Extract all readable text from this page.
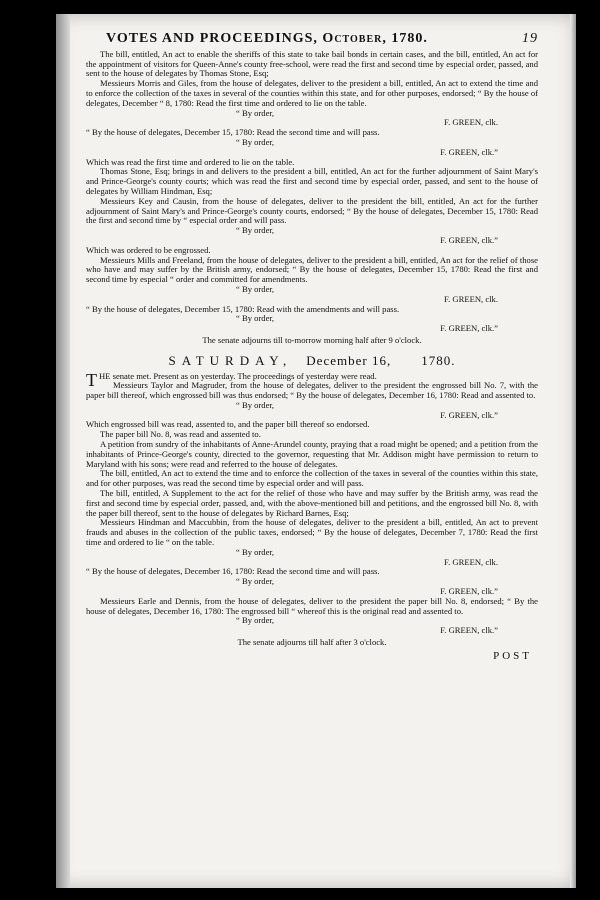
VOTES AND PROCEEDINGS, October, 1780.	19

The bill, entitled, An act to enable the sheriffs of this state to take bail bonds in certain cases, and the bill, entitled, An act for the appointment of visitors for Queen-Anne's county free-school, were read the first and second time by especial order, passed, and sent to the house of delegates by Thomas Stone, Esq;

Messieurs Morris and Giles, from the house of delegates, deliver to the president a bill, entitled, An act to extend the time and to enforce the collection of the taxes in several of the counties within this state, and for other purposes, endorsed; “ By the house of delegates, December “ 8, 1780: Read the first time and ordered to lie on the table.

“ By order,
F. GREEN, clk.

“ By the house of delegates, December 15, 1780: Read the second time and will pass.

“ By order,
F. GREEN, clk.”

Which was read the first time and ordered to lie on the table.

Thomas Stone, Esq; brings in and delivers to the president a bill, entitled, An act for the further adjournment of Saint Mary's and Prince-George's county courts; which was read the first and second time by especial order, passed, and sent to the house of delegates by William Hindman, Esq;

Messieurs Key and Causin, from the house of delegates, deliver to the president the bill, entitled, An act for the further adjournment of Saint Mary's and Prince-George's county courts, endorsed; “ By the house of delegates, December 15, 1780: Read the first and second time by “ especial order and will pass.

“ By order,
F. GREEN, clk.”

Which was ordered to be engrossed.

Messieurs Mills and Freeland, from the house of delegates, deliver to the president a bill, entitled, An act for the relief of those who have and may suffer by the British army, endorsed; “ By the house of delegates, December 15, 1780: Read the first and second time by especial “ order and committed for amendments.

“ By order,
F. GREEN, clk.

“ By the house of delegates, December 15, 1780: Read with the amendments and will pass.

“ By order,
F. GREEN, clk.”
The senate adjourns till to-morrow morning half after 9 o'clock.
SATURDAY, December 16, 1780.

THE senate met. Present as on yesterday. The proceedings of yesterday were read.

Messieurs Taylor and Magruder, from the house of delegates, deliver to the president the engrossed bill No. 7, with the paper bill thereof, which engrossed bill was thus endorsed; “ By the house of delegates, December 16, 1780: Read and assented to.

“ By order,
F. GREEN, clk.”

Which engrossed bill was read, assented to, and the paper bill thereof so endorsed.

The paper bill No. 8, was read and assented to.

A petition from sundry of the inhabitants of Anne-Arundel county, praying that a road might be opened; and a petition from the inhabitants of Prince-George's county, directed to the governor, requesting that Mr. Addison might have permission to return to Maryland with his sons; were read and referred to the house of delegates.

The bill, entitled, An act to extend the time and to enforce the collection of the taxes in several of the counties within this state, and for other purposes, was read the second time by especial order and will pass.

The bill, entitled, A Supplement to the act for the relief of those who have and may suffer by the British army, was read the first and second time by especial order, passed, and, with the above-mentioned bill and petitions, and the engrossed bill No. 8, with the paper bill thereof, sent to the house of delegates by Richard Barnes, Esq;

Messieurs Hindman and Maccubbin, from the house of delegates, deliver to the president a bill, entitled, An act to prevent frauds and abuses in the collection of the public taxes, endorsed; “ By the house of delegates, December 7, 1780: Read the first time and ordered to lie “ on the table.

“ By order,
F. GREEN, clk.

“ By the house of delegates, December 16, 1780: Read the second time and will pass.

“ By order,
F. GREEN, clk.”

Messieurs Earle and Dennis, from the house of delegates, deliver to the president the paper bill No. 8, endorsed; “ By the house of delegates, December 16, 1780: The engrossed bill “ whereof this is the original read and assented to.

“ By order,
F. GREEN, clk.”
The senate adjourns till half after 3 o'clock.
POST
